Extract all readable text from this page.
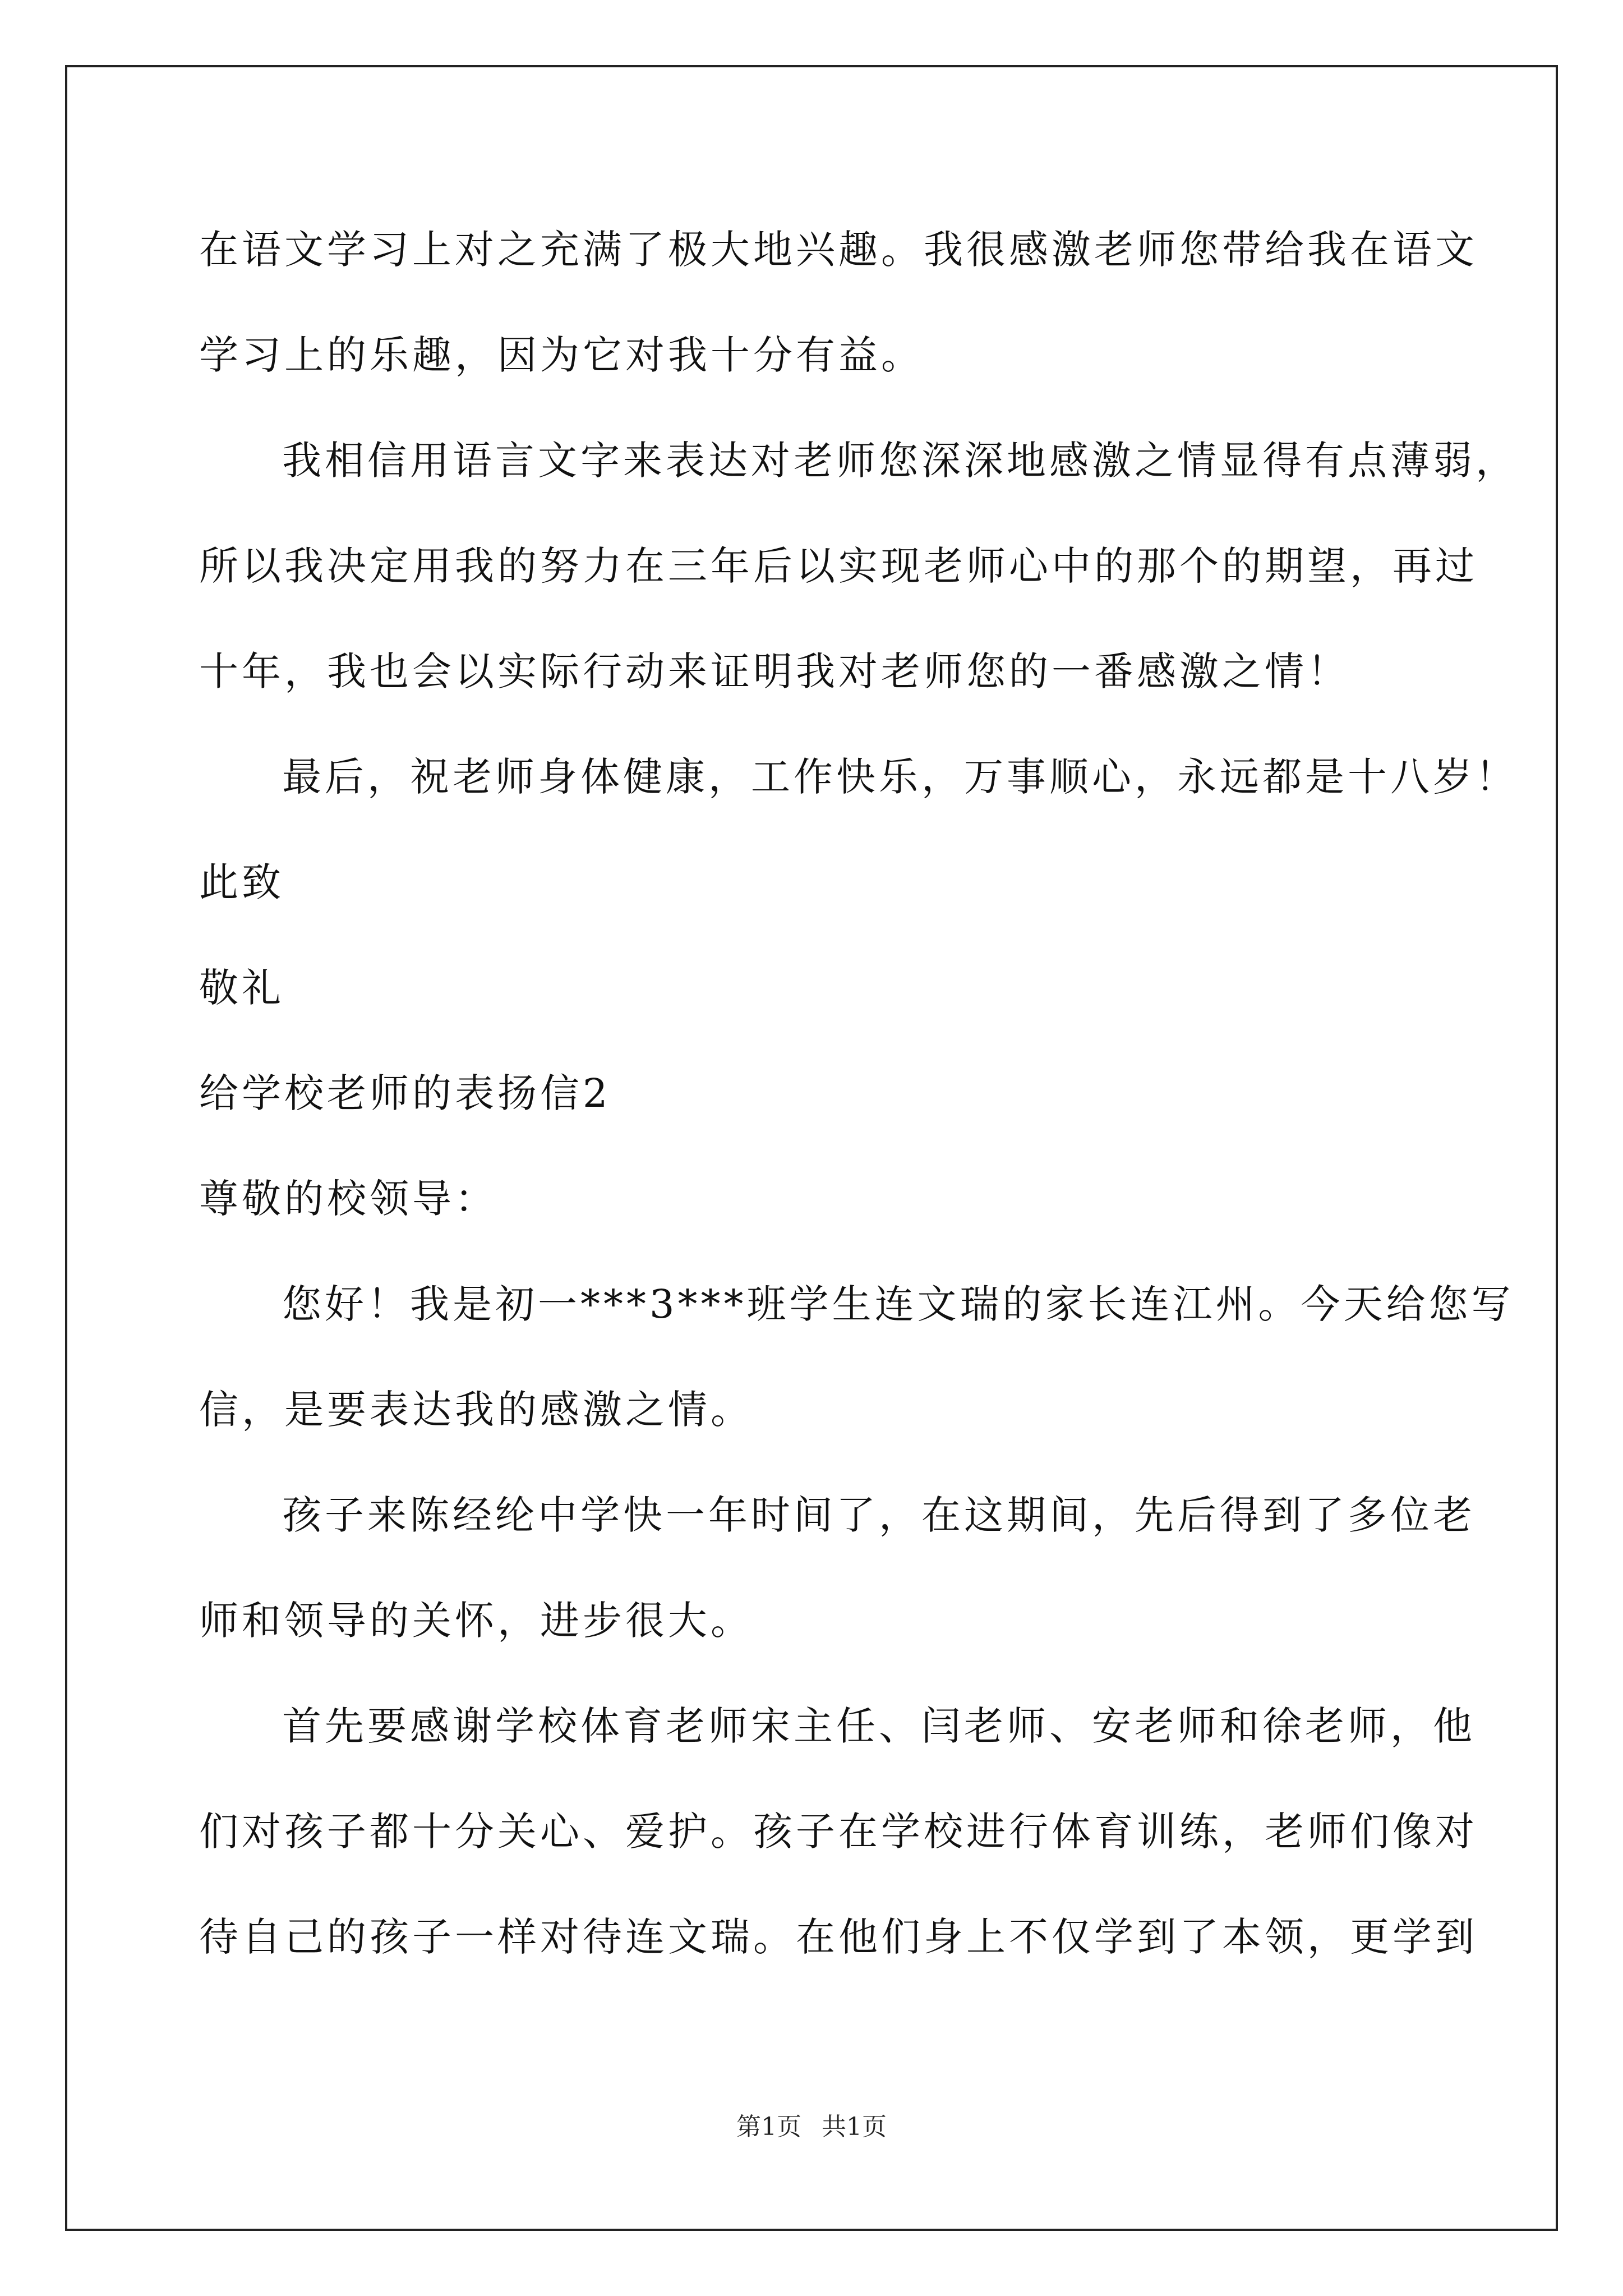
在语文学习上对之充满了极大地兴趣。我很感激老师您带给我在语文
学习上的乐趣，因为它对我十分有益。
我相信用语言文字来表达对老师您深深地感激之情显得有点薄弱，
所以我决定用我的努力在三年后以实现老师心中的那个的期望，再过
十年，我也会以实际行动来证明我对老师您的一番感激之情！
最后，祝老师身体健康，工作快乐，万事顺心，永远都是十八岁！
此致
敬礼
给学校老师的表扬信2
尊敬的校领导：
您好！我是初一***3***班学生连文瑞的家长连江州。今天给您写
信，是要表达我的感激之情。
孩子来陈经纶中学快一年时间了，在这期间，先后得到了多位老
师和领导的关怀，进步很大。
首先要感谢学校体育老师宋主任、闫老师、安老师和徐老师，他
们对孩子都十分关心、爱护。孩子在学校进行体育训练，老师们像对
待自己的孩子一样对待连文瑞。在他们身上不仅学到了本领，更学到
第1页 共1页
